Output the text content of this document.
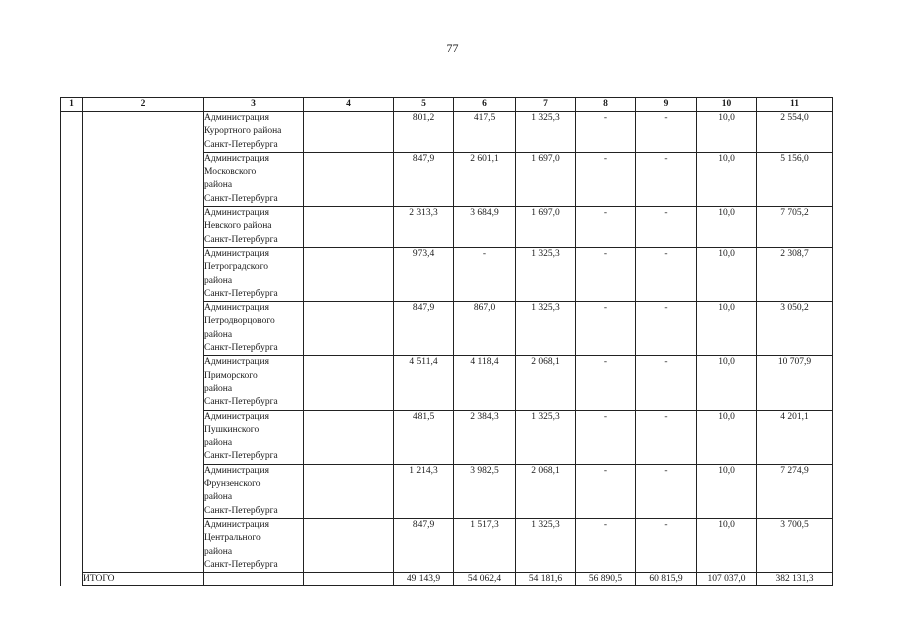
77
1	2	3	4	5	6	7	8	9	10	11

		Администрация
Курортного района
Санкт-Петербурга		801,2	417,5	1 325,3	-	-	10,0	2 554,0

		Администрация
Московского
района
Санкт-Петербурга		847,9	2 601,1	1 697,0	-	-	10,0	5 156,0

		Администрация
Невского района
Санкт-Петербурга		2 313,3	3 684,9	1 697,0	-	-	10,0	7 705,2

		Администрация
Петроградского
района
Санкт-Петербурга		973,4	-	1 325,3	-	-	10,0	2 308,7

		Администрация
Петродворцового
района
Санкт-Петербурга		847,9	867,0	1 325,3	-	-	10,0	3 050,2

		Администрация
Приморского
района
Санкт-Петербурга		4 511,4	4 118,4	2 068,1	-	-	10,0	10 707,9

		Администрация
Пушкинского
района
Санкт-Петербурга		481,5	2 384,3	1 325,3	-	-	10,0	4 201,1

		Администрация
Фрунзенского
района
Санкт-Петербурга		1 214,3	3 982,5	2 068,1	-	-	10,0	7 274,9

		Администрация
Центрального
района
Санкт-Петербурга		847,9	1 517,3	1 325,3	-	-	10,0	3 700,5
	ИТОГО			49 143,9	54 062,4	54 181,6	56 890,5	60 815,9	107 037,0	382 131,3
